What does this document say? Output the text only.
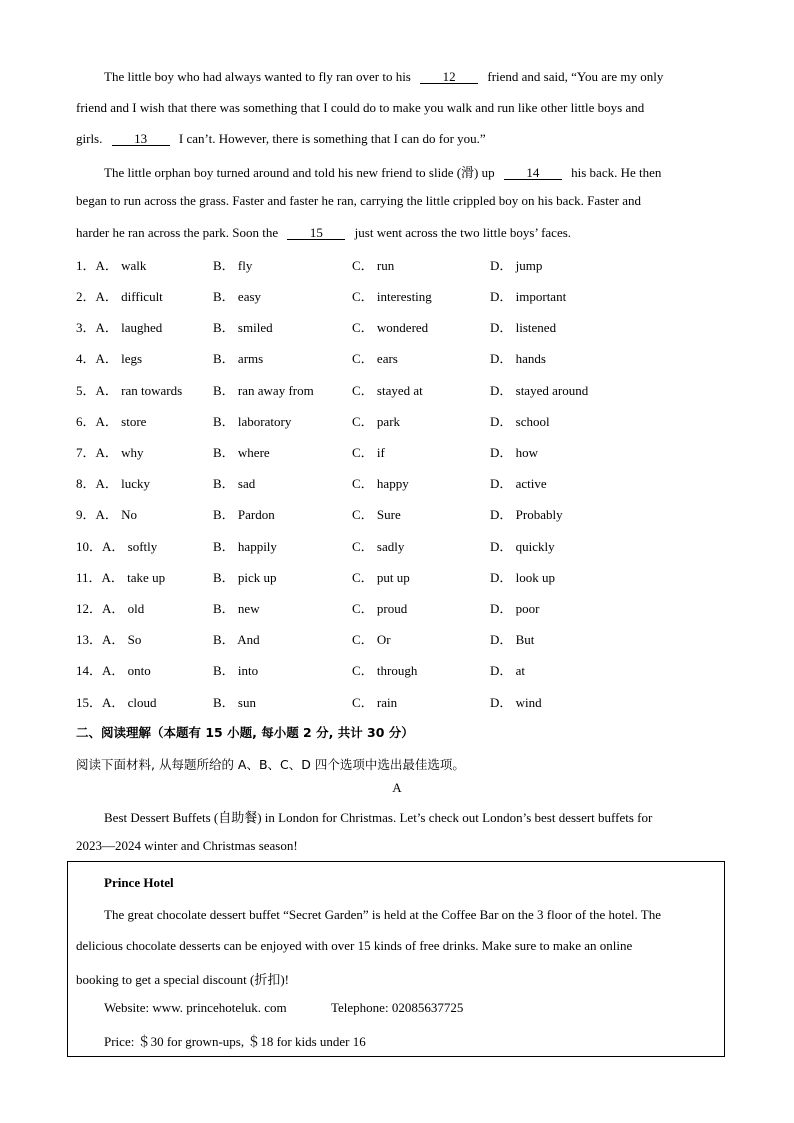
The little boy who had always wanted to fly ran over to his 12 friend and said, “You are my only
friend and I wish that there was something that I could do to make you walk and run like other little boys and
girls. 13 I can’t. However, there is something that I can do for you.”
The little orphan boy turned around and told his new friend to slide (滑) up 14 his back. He then
began to run across the grass. Faster and faster he ran, carrying the little crippled boy on his back. Faster and
harder he ran across the park. Soon the 15 just went across the two little boys’ faces.
1．A． walk	B． fly	C． run	D． jump
2．A． difficult	B． easy	C． interesting	D． important
3．A． laughed	B． smiled	C． wondered	D． listened
4．A． legs	B． arms	C． ears	D． hands
5．A． ran towards B． ran away from	C． stayed at	D． stayed around
6．A． store	B． laboratory	C． park	D． school
7．A． why	B． where	C． if	D． how
8．A． lucky	B． sad	C． happy	D． active
9．A． No	B． Pardon	C． Sure	D． Probably
10．A． softly	B． happily	C． sadly	D． quickly
11．A． take up	B． pick up	C． put up	D． look up
12．A． old	B． new	C． proud	D． poor
13．A． So	B． And	C． Or	D． But
14．A． onto	B． into	C． through	D． at
15．A． cloud	B． sun	C． rain	D． wind
二、阅读理解（本题有 15 小题, 每小题 2 分, 共计 30 分）
阅读下面材料, 从每题所给的 A、B、C、D 四个选项中选出最佳选项。
A
Best Dessert Buffets (自助餐) in London for Christmas. Let’s check out London’s best dessert buffets for
2023—2024 winter and Christmas season!
Prince Hotel
The great chocolate dessert buffet “Secret Garden” is held at the Coffee Bar on the 3 floor of the hotel. The
delicious chocolate desserts can be enjoyed with over 15 kinds of free drinks. Make sure to make an online
booking to get a special discount (折扣)!
Website: www. princehoteluk. com	Telephone: 02085637725
Price: ＄30 for grown-ups, ＄18 for kids under 16
